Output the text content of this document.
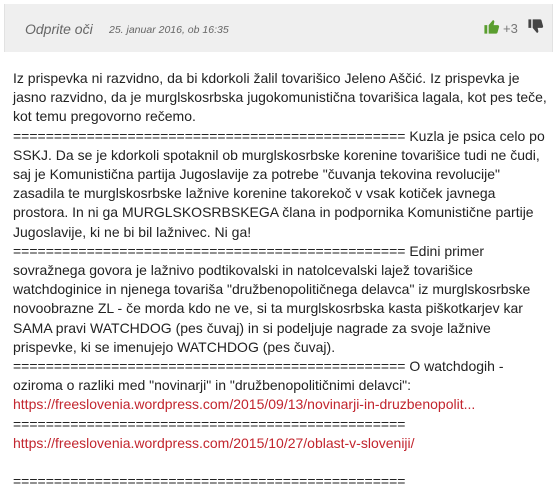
Odprite oči 25. januar 2016, ob 16:35	+3

Iz prispevka ni razvidno, da bi kdorkoli žalil tovarišico Jeleno Aščić. Iz prispevka je jasno razvidno, da je murglskosrbska jugokomunistična tovarišica lagala, kot pes teče, kot temu pregovorno rečemo.

================================================ Kuzla je psica celo po SSKJ. Da se je kdorkoli spotaknil ob murglskosrbske korenine tovarišice tudi ne čudi, saj je Komunistična partija Jugoslavije za potrebe "čuvanja tekovina revolucije" zasadila te murglskosrbske lažnive korenine takorekoč v vsak kotiček javnega prostora. In ni ga MURGLSKOSRBSKEGA člana in podpornika Komunistične partije Jugoslavije, ki ne bi bil lažnivec. Ni ga!

================================================ Edini primer sovražnega govora je lažnivo podtikovalski in natolcevalski lajež tovarišice watchdoginice in njenega tovariša "družbenopolitičnega delavca" iz murglskosrbske novoobrazne ZL - če morda kdo ne ve, si ta murglskosrbska kasta piškotkarjev kar SAMA pravi WATCHDOG (pes čuvaj) in si podeljuje nagrade za svoje lažnive prispevke, ki se imenujejo WATCHDOG (pes čuvaj).

================================================ O watchdogih - oziroma o razliki med "novinarji" in "družbenopolitičnimi delavci":

https://freeslovenia.wordpress.com/2015/09/13/novinarji-in-druzbenopolit...

================================================

https://freeslovenia.wordpress.com/2015/10/27/oblast-v-sloveniji/

================================================
